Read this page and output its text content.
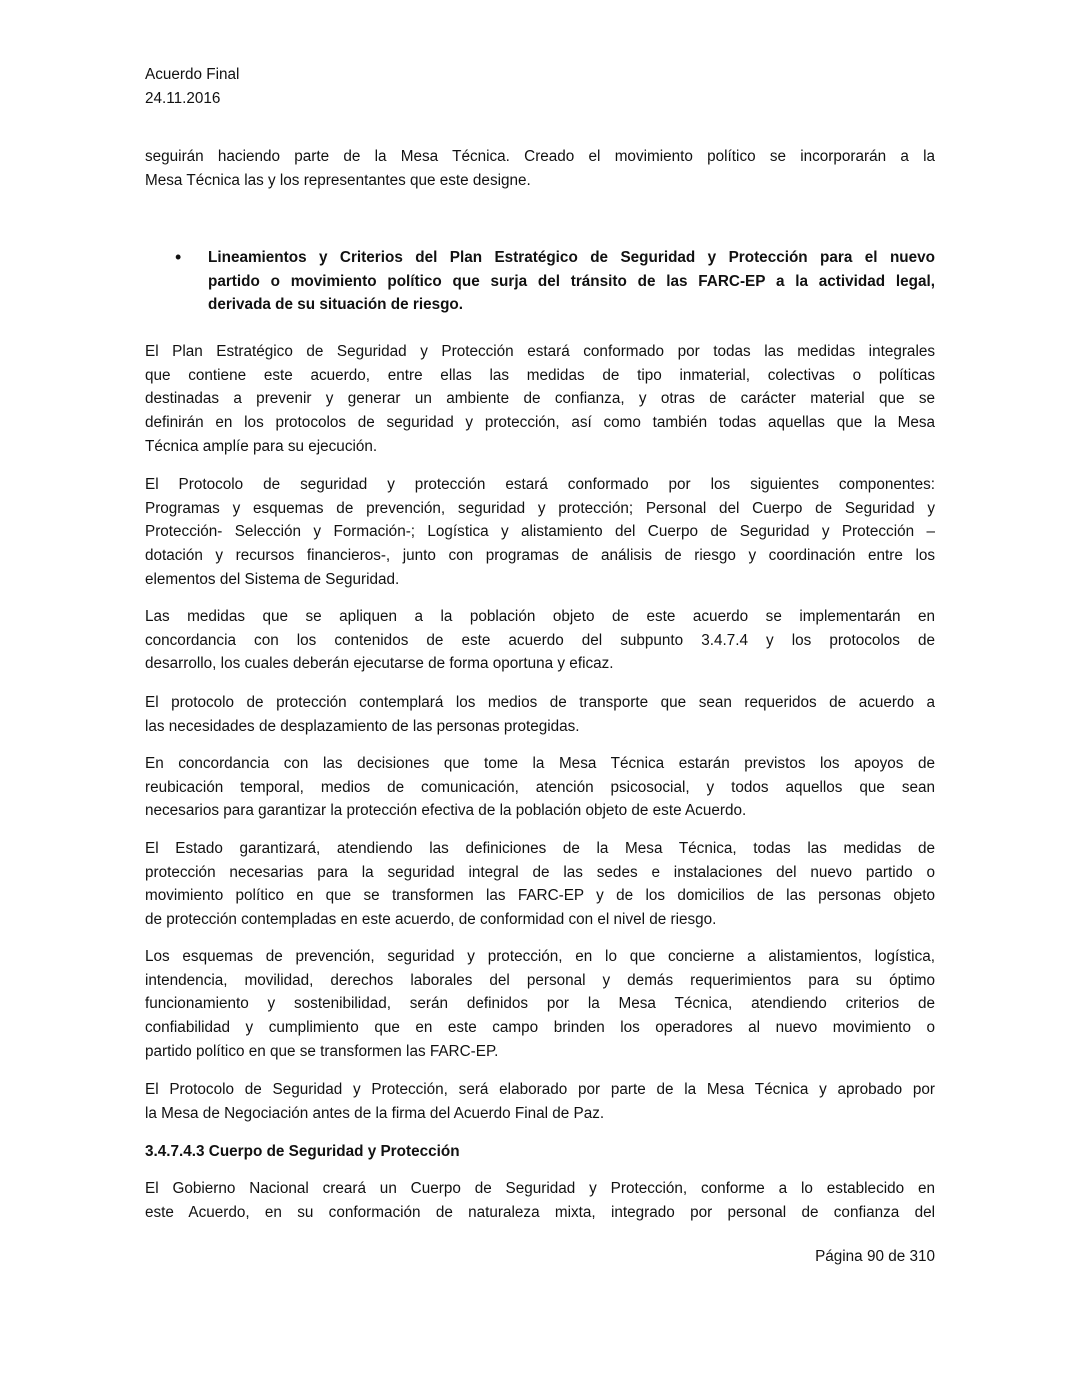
Acuerdo Final
24.11.2016
seguirán haciendo parte de la Mesa Técnica. Creado el movimiento político se incorporarán a la
Mesa Técnica las y los representantes que este designe.
• Lineamientos y Criterios del Plan Estratégico de Seguridad y Protección para el nuevo
partido o movimiento político que surja del tránsito de las FARC-EP a la actividad legal,
derivada de su situación de riesgo.
El Plan Estratégico de Seguridad y Protección estará conformado por todas las medidas integrales
que contiene este acuerdo, entre ellas las medidas de tipo inmaterial, colectivas o políticas
destinadas a prevenir y generar un ambiente de confianza, y otras de carácter material que se
definirán en los protocolos de seguridad y protección, así como también todas aquellas que la Mesa
Técnica amplíe para su ejecución.
El Protocolo de seguridad y protección estará conformado por los siguientes componentes:
Programas y esquemas de prevención, seguridad y protección; Personal del Cuerpo de Seguridad y
Protección- Selección y Formación-; Logística y alistamiento del Cuerpo de Seguridad y Protección –
dotación y recursos financieros-, junto con programas de análisis de riesgo y coordinación entre los
elementos del Sistema de Seguridad.
Las medidas que se apliquen a la población objeto de este acuerdo se implementarán en
concordancia con los contenidos de este acuerdo del subpunto 3.4.7.4 y los protocolos de
desarrollo, los cuales deberán ejecutarse de forma oportuna y eficaz.
El protocolo de protección contemplará los medios de transporte que sean requeridos de acuerdo a
las necesidades de desplazamiento de las personas protegidas.
En concordancia con las decisiones que tome la Mesa Técnica estarán previstos los apoyos de
reubicación temporal, medios de comunicación, atención psicosocial, y todos aquellos que sean
necesarios para garantizar la protección efectiva de la población objeto de este Acuerdo.
El Estado garantizará, atendiendo las definiciones de la Mesa Técnica, todas las medidas de
protección necesarias para la seguridad integral de las sedes e instalaciones del nuevo partido o
movimiento político en que se transformen las FARC-EP y de los domicilios de las personas objeto
de protección contempladas en este acuerdo, de conformidad con el nivel de riesgo.
Los esquemas de prevención, seguridad y protección, en lo que concierne a alistamientos, logística,
intendencia, movilidad, derechos laborales del personal y demás requerimientos para su óptimo
funcionamiento y sostenibilidad, serán definidos por la Mesa Técnica, atendiendo criterios de
confiabilidad y cumplimiento que en este campo brinden los operadores al nuevo movimiento o
partido político en que se transformen las FARC-EP.
El Protocolo de Seguridad y Protección, será elaborado por parte de la Mesa Técnica y aprobado por
la Mesa de Negociación antes de la firma del Acuerdo Final de Paz.
3.4.7.4.3 Cuerpo de Seguridad y Protección
El Gobierno Nacional creará un Cuerpo de Seguridad y Protección, conforme a lo establecido en
este Acuerdo, en su conformación de naturaleza mixta, integrado por personal de confianza del
Página 90 de 310
